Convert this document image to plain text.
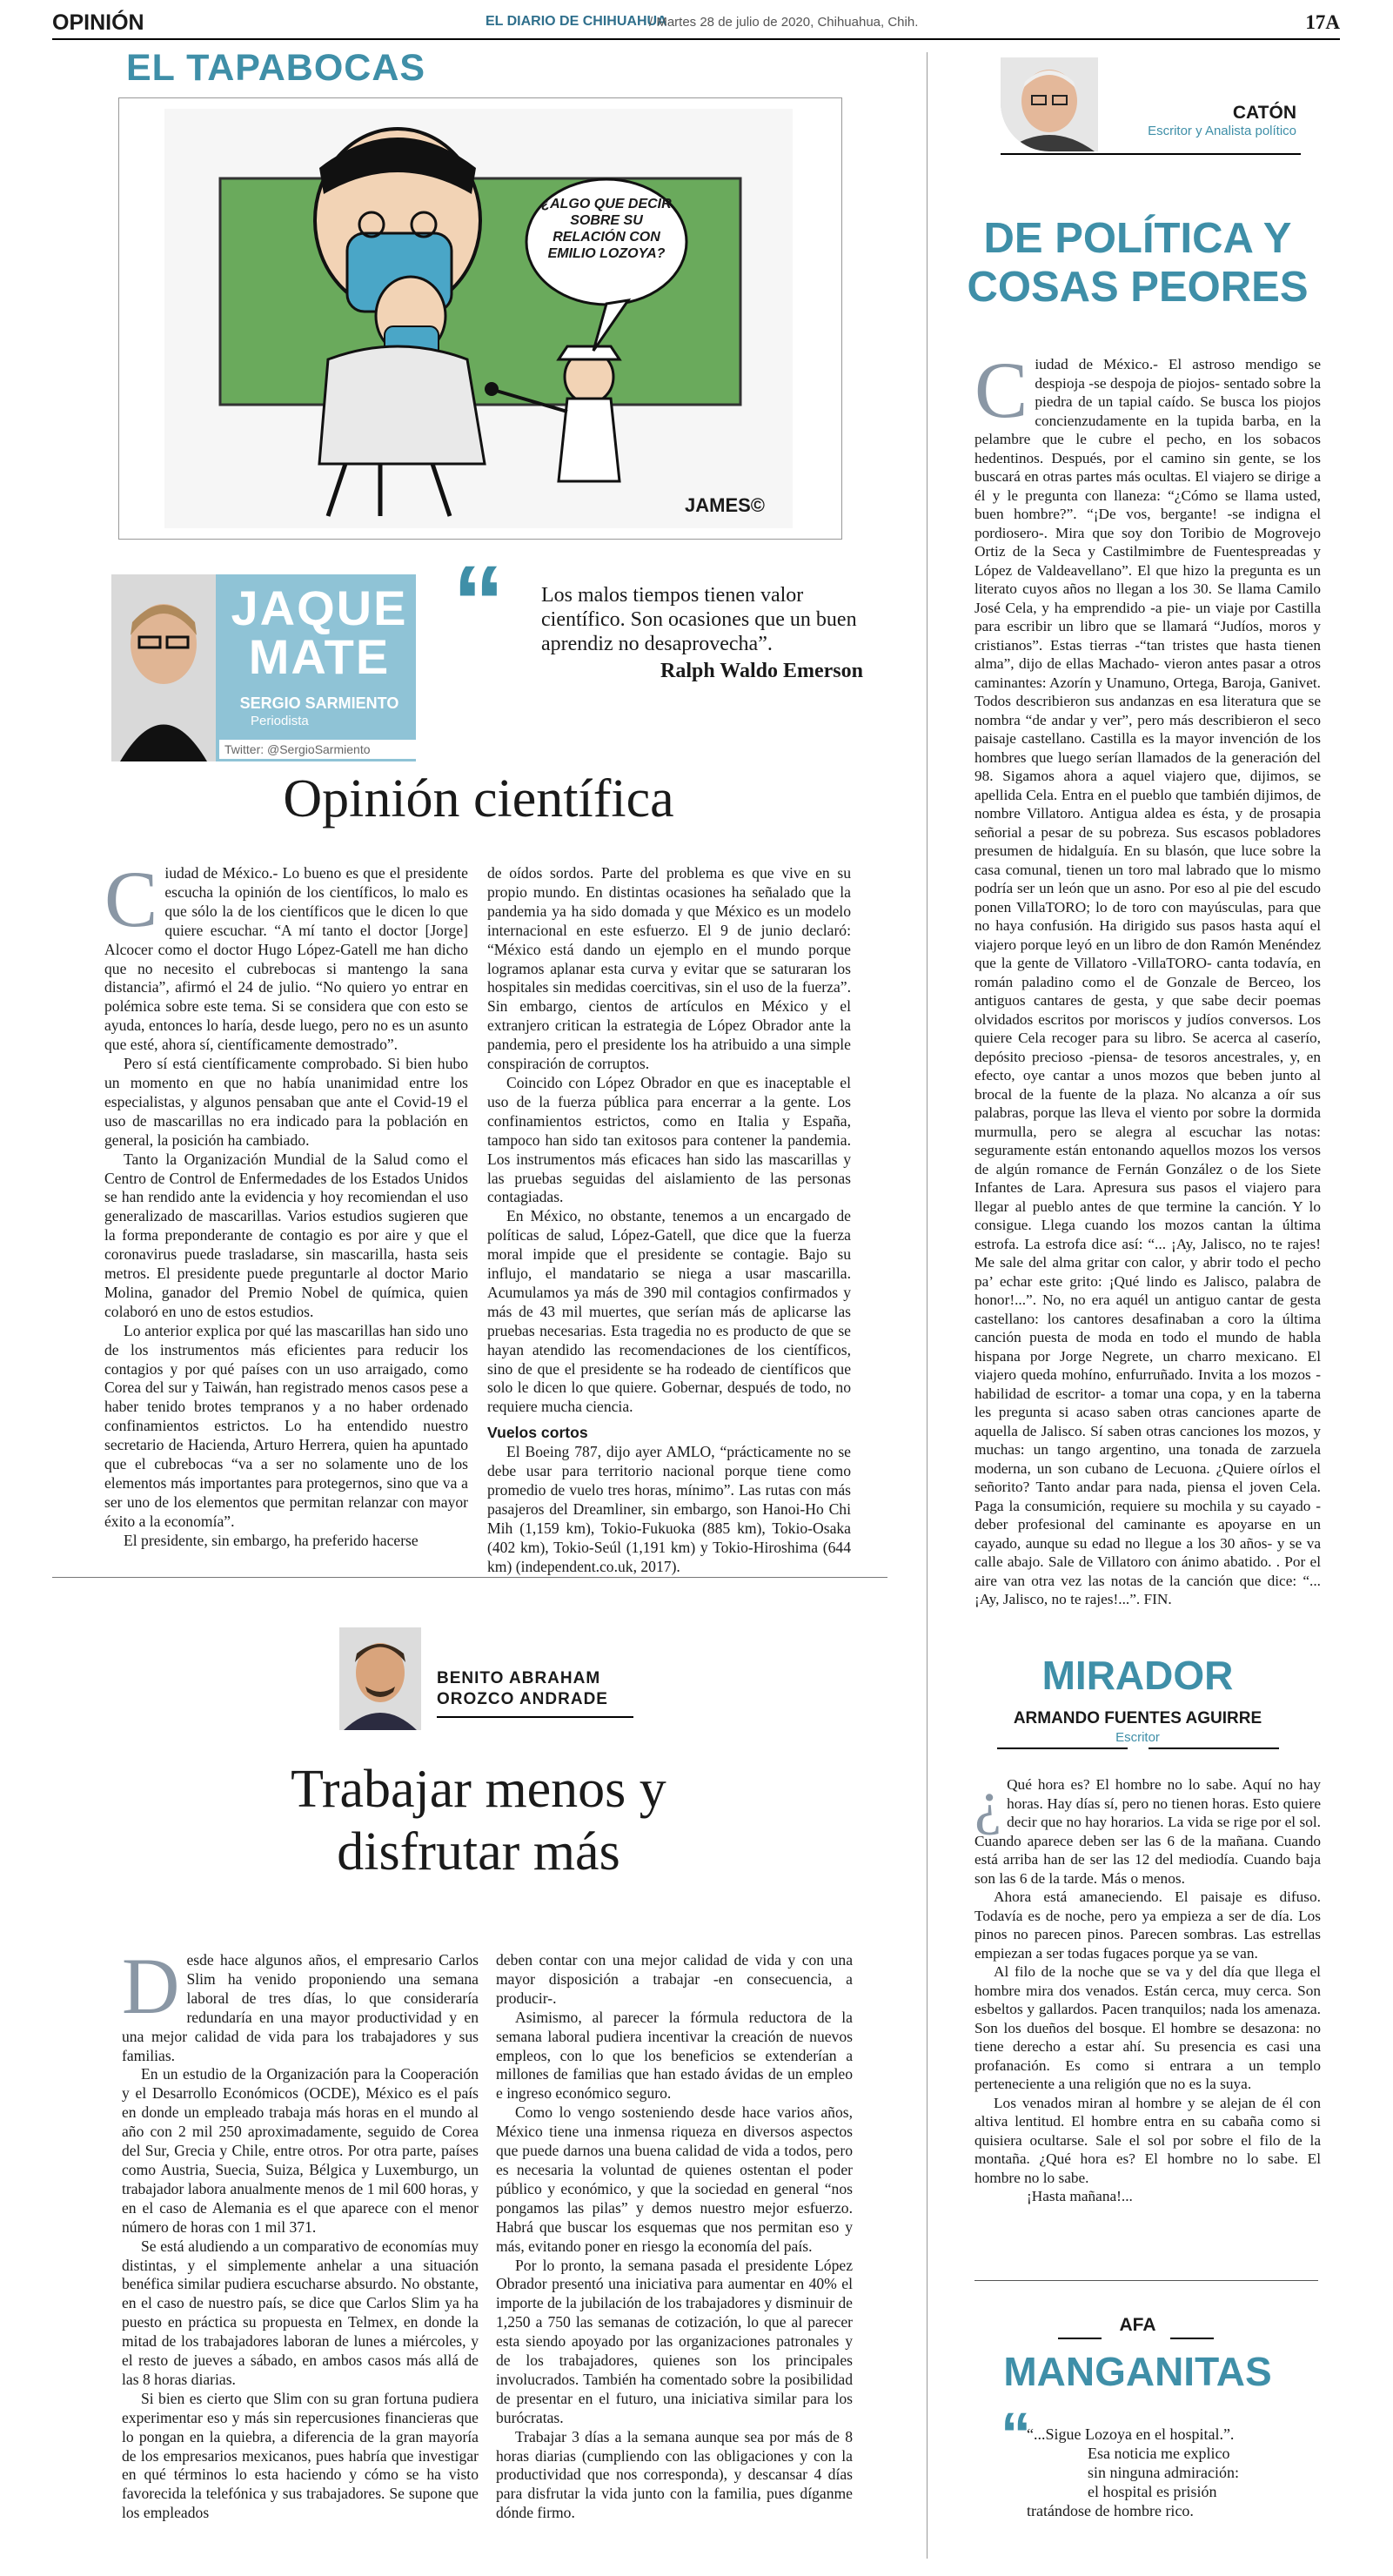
OPINIÓN	EL DIARIO DE CHIHUAHUA
/ Martes 28 de julio de 2020, Chihuahua, Chih.	17A
EL TAPABOCAS
¿ALGO QUE DECIR SOBRE SU RELACIÓN CON EMILIO LOZOYA?
JAMES©
JAQUE
MATE
SERGIO SARMIENTO
Periodista
Twitter: @SergioSarmiento
“ Los malos tiempos tienen valor científico. Son ocasiones que un buen aprendiz no desaprovecha”.
Ralph Waldo Emerson
Opinión científica
C iudad de México.- Lo bueno es que el presidente escucha la opinión de los científicos, lo malo es que sólo la de los científicos que le dicen lo que quiere escuchar. “A mí tanto el doctor [Jorge] Alcocer como el doctor Hugo López-Gatell me han dicho que no necesito el cubrebocas si mantengo la sana distancia”, afirmó el 24 de julio. “No quiero yo entrar en polémica sobre este tema. Si se considera que con esto se ayuda, entonces lo haría, desde luego, pero no es un asunto que esté, ahora sí, científicamente demostrado”.

Pero sí está científicamente comprobado. Si bien hubo un momento en que no había unanimidad entre los especialistas, y algunos pensaban que ante el Covid-19 el uso de mascarillas no era indicado para la población en general, la posición ha cambiado.

Tanto la Organización Mundial de la Salud como el Centro de Control de Enfermedades de los Estados Unidos se han rendido ante la evidencia y hoy recomiendan el uso generalizado de mascarillas. Varios estudios sugieren que la forma preponderante de contagio es por aire y que el coronavirus puede trasladarse, sin mascarilla, hasta seis metros. El presidente puede preguntarle al doctor Mario Molina, ganador del Premio Nobel de química, quien colaboró en uno de estos estudios.

Lo anterior explica por qué las mascarillas han sido uno de los instrumentos más eficientes para reducir los contagios y por qué países con un uso arraigado, como Corea del sur y Taiwán, han registrado menos casos pese a haber tenido brotes tempranos y a no haber ordenado confinamientos estrictos. Lo ha entendido nuestro secretario de Hacienda, Arturo Herrera, quien ha apuntado que el cubrebocas “va a ser no solamente uno de los elementos más importantes para protegernos, sino que va a ser uno de los elementos que permitan relanzar con mayor éxito a la economía”.

El presidente, sin embargo, ha preferido hacerse

de oídos sordos. Parte del problema es que vive en su propio mundo. En distintas ocasiones ha señalado que la pandemia ya ha sido domada y que México es un modelo internacional en este esfuerzo. El 9 de junio declaró: “México está dando un ejemplo en el mundo porque logramos aplanar esta curva y evitar que se saturaran los hospitales sin medidas coercitivas, sin el uso de la fuerza”. Sin embargo, cientos de artículos en México y el extranjero critican la estrategia de López Obrador ante la pandemia, pero el presidente los ha atribuido a una simple conspiración de corruptos.

Coincido con López Obrador en que es inaceptable el uso de la fuerza pública para encerrar a la gente. Los confinamientos estrictos, como en Italia y España, tampoco han sido tan exitosos para contener la pandemia. Los instrumentos más eficaces han sido las mascarillas y las pruebas seguidas del aislamiento de las personas contagiadas.

En México, no obstante, tenemos a un encargado de políticas de salud, López-Gatell, que dice que la fuerza moral impide que el presidente se contagie. Bajo su influjo, el mandatario se niega a usar mascarilla. Acumulamos ya más de 390 mil contagios confirmados y más de 43 mil muertes, que serían más de aplicarse las pruebas necesarias. Esta tragedia no es producto de que se hayan atendido las recomendaciones de los científicos, sino de que el presidente se ha rodeado de científicos que solo le dicen lo que quiere. Gobernar, después de todo, no requiere mucha ciencia.

Vuelos cortos

El Boeing 787, dijo ayer AMLO, “prácticamente no se debe usar para territorio nacional porque tiene como promedio de vuelo tres horas, mínimo”. Las rutas con más pasajeros del Dreamliner, sin embargo, son Hanoi-Ho Chi Mih (1,159 km), Tokio-Fukuoka (885 km), Tokio-Osaka (402 km), Tokio-Seúl (1,191 km) y Tokio-Hiroshima (644 km) (independent.co.uk, 2017).

BENITO ABRAHAM
OROZCO ANDRADE
Trabajar menos y
disfrutar más
D esde hace algunos años, el empresario Carlos Slim ha venido proponiendo una semana laboral de tres días, lo que consideraría redundaría en una mayor productividad y en una mejor calidad de vida para los trabajadores y sus familias.

En un estudio de la Organización para la Cooperación y el Desarrollo Económicos (OCDE), México es el país en donde un empleado trabaja más horas en el mundo al año con 2 mil 250 aproximadamente, seguido de Corea del Sur, Grecia y Chile, entre otros. Por otra parte, países como Austria, Suecia, Suiza, Bélgica y Luxemburgo, un trabajador labora anualmente menos de 1 mil 600 horas, y en el caso de Alemania es el que aparece con el menor número de horas con 1 mil 371.

Se está aludiendo a un comparativo de economías muy distintas, y el simplemente anhelar a una situación benéfica similar pudiera escucharse absurdo. No obstante, en el caso de nuestro país, se dice que Carlos Slim ya ha puesto en práctica su propuesta en Telmex, en donde la mitad de los trabajadores laboran de lunes a miércoles, y el resto de jueves a sábado, en ambos casos más allá de las 8 horas diarias.

Si bien es cierto que Slim con su gran fortuna pudiera experimentar eso y más sin repercusiones financieras que lo pongan en la quiebra, a diferencia de la gran mayoría de los empresarios mexicanos, pues habría que investigar en qué términos lo esta haciendo y cómo se ha visto favorecida la telefónica y sus trabajadores. Se supone que los empleados

deben contar con una mejor calidad de vida y con una mayor disposición a trabajar -en consecuencia, a producir-.

Asimismo, al parecer la fórmula reductora de la semana laboral pudiera incentivar la creación de nuevos empleos, con lo que los beneficios se extenderían a millones de familias que han estado ávidas de un empleo e ingreso económico seguro.

Como lo vengo sosteniendo desde hace varios años, México tiene una inmensa riqueza en diversos aspectos que puede darnos una buena calidad de vida a todos, pero es necesaria la voluntad de quienes ostentan el poder público y económico, y que la sociedad en general “nos pongamos las pilas” y demos nuestro mejor esfuerzo. Habrá que buscar los esquemas que nos permitan eso y más, evitando poner en riesgo la economía del país.

Por lo pronto, la semana pasada el presidente López Obrador presentó una iniciativa para aumentar en 40% el importe de la jubilación de los trabajadores y disminuir de 1,250 a 750 las semanas de cotización, lo que al parecer esta siendo apoyado por las organizaciones patronales y de los trabajadores, quienes son los principales involucrados. También ha comentado sobre la posibilidad de presentar en el futuro, una iniciativa similar para los burócratas.

Trabajar 3 días a la semana aunque sea por más de 8 horas diarias (cumpliendo con las obligaciones y con la productividad que nos corresponda), y descansar 4 días para disfrutar la vida junto con la familia, pues díganme dónde firmo.

CATÓN
Escritor y Analista político
DE POLÍTICA Y
COSAS PEORES
C iudad de México.- El astroso mendigo se despioja -se despoja de piojos- sentado sobre la piedra de un tapial caído. Se busca los piojos concienzudamente en la tupida barba, en la pelambre que le cubre el pecho, en los sobacos hedentinos. Después, por el camino sin gente, se los buscará en otras partes más ocultas. El viajero se dirige a él y le pregunta con llaneza: “¿Cómo se llama usted, buen hombre?”. “¡De vos, bergante! -se indigna el pordiosero-. Mira que soy don Toribio de Mogrovejo Ortiz de la Seca y Castilmimbre de Fuentespreadas y López de Valdeavellano”. El que hizo la pregunta es un literato cuyos años no llegan a los 30. Se llama Camilo José Cela, y ha emprendido -a pie- un viaje por Castilla para escribir un libro que se llamará “Judíos, moros y cristianos”. Estas tierras -“tan tristes que hasta tienen alma”, dijo de ellas Machado- vieron antes pasar a otros caminantes: Azorín y Unamuno, Ortega, Baroja, Ganivet. Todos describieron sus andanzas en esa literatura que se nombra “de andar y ver”, pero más describieron el seco paisaje castellano. Castilla es la mayor invención de los hombres que luego serían llamados de la generación del 98. Sigamos ahora a aquel viajero que, dijimos, se apellida Cela. Entra en el pueblo que también dijimos, de nombre Villatoro. Antigua aldea es ésta, y de prosapia señorial a pesar de su pobreza. Sus escasos pobladores presumen de hidalguía. En su blasón, que luce sobre la casa comunal, tienen un toro mal labrado que lo mismo podría ser un león que un asno. Por eso al pie del escudo ponen VillaTORO; lo de toro con mayúsculas, para que no haya confusión. Ha dirigido sus pasos hasta aquí el viajero porque leyó en un libro de don Ramón Menéndez que la gente de Villatoro -VillaTORO- canta todavía, en román paladino como el de Gonzale de Berceo, los antiguos cantares de gesta, y que sabe decir poemas olvidados escritos por moriscos y judíos conversos. Los quiere Cela recoger para su libro. Se acerca al caserío, depósito precioso -piensa- de tesoros ancestrales, y, en efecto, oye cantar a unos mozos que beben junto al brocal de la fuente de la plaza. No alcanza a oír sus palabras, porque las lleva el viento por sobre la dormida murmulla, pero se alegra al escuchar las notas: seguramente están entonando aquellos mozos los versos de algún romance de Fernán González o de los Siete Infantes de Lara. Apresura sus pasos el viajero para llegar al pueblo antes de que termine la canción. Y lo consigue. Llega cuando los mozos cantan la última estrofa. La estrofa dice así: “... ¡Ay, Jalisco, no te rajes! Me sale del alma gritar con calor, y abrir todo el pecho pa’ echar este grito: ¡Qué lindo es Jalisco, palabra de honor!...”. No, no era aquél un antiguo cantar de gesta castellano: los cantores desafinaban a coro la última canción puesta de moda en todo el mundo de habla hispana por Jorge Negrete, un charro mexicano. El viajero queda mohíno, enfurruñado. Invita a los mozos -habilidad de escritor- a tomar una copa, y en la taberna les pregunta si acaso saben otras canciones aparte de aquella de Jalisco. Sí saben otras canciones los mozos, y muchas: un tango argentino, una tonada de zarzuela moderna, un son cubano de Lecuona. ¿Quiere oírlos el señorito? Tanto andar para nada, piensa el joven Cela. Paga la consumición, requiere su mochila y su cayado -deber profesional del caminante es apoyarse en un cayado, aunque su edad no llegue a los 30 años- y se va calle abajo. Sale de Villatoro con ánimo abatido. . Por el aire van otra vez las notas de la canción que dice: “... ¡Ay, Jalisco, no te rajes!...”. FIN.

MIRADOR
ARMANDO FUENTES AGUIRRE
Escritor
¿ Qué hora es? El hombre no lo sabe. Aquí no hay horas. Hay días sí, pero no tienen horas. Esto quiere decir que no hay horarios. La vida se rige por el sol. Cuando aparece deben ser las 6 de la mañana. Cuando está arriba han de ser las 12 del mediodía. Cuando baja son las 6 de la tarde. Más o menos.

Ahora está amaneciendo. El paisaje es difuso. Todavía es de noche, pero ya empieza a ser de día. Los pinos no parecen pinos. Parecen sombras. Las estrellas empiezan a ser todas fugaces porque ya se van.

Al filo de la noche que se va y del día que llega el hombre mira dos venados. Están cerca, muy cerca. Son esbeltos y gallardos. Pacen tranquilos; nada los amenaza. Son los dueños del bosque. El hombre se desazona: no tiene derecho a estar ahí. Su presencia es casi una profanación. Es como si entrara a un templo perteneciente a una religión que no es la suya.

Los venados miran al hombre y se alejan de él con altiva lentitud. El hombre entra en su cabaña como si quisiera ocultarse. Sale el sol por sobre el filo de la montaña. ¿Qué hora es? El hombre no lo sabe. El hombre no lo sabe.

¡Hasta mañana!...

AFA
MANGANITAS
“
“...Sigue Lozoya en el hospital.”.
Esa noticia me explico
sin ninguna admiración:
el hospital es prisión
tratándose de hombre rico.
